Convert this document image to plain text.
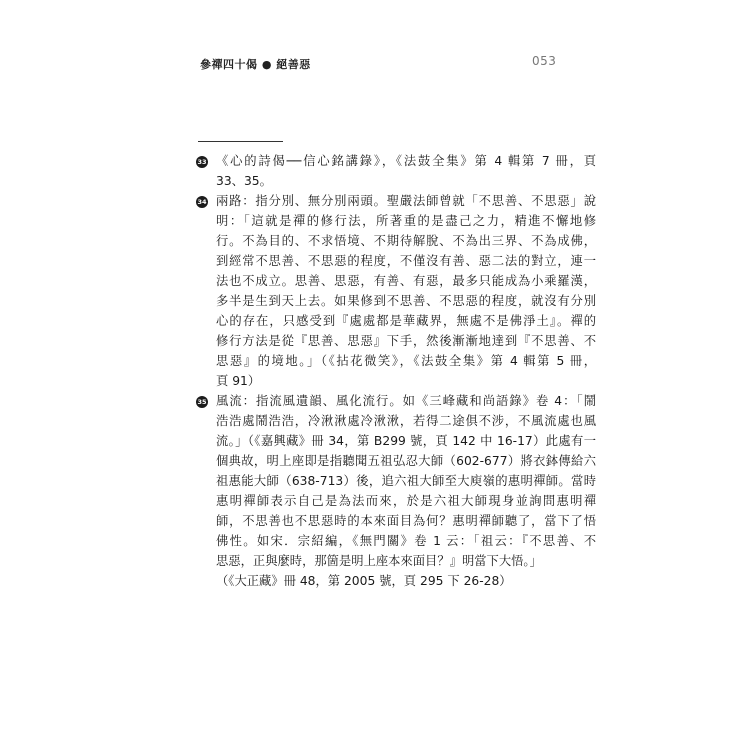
參禪四十偈 ● 絕善惡	053
33 《心的詩偈──信心銘講錄》，《法鼓全集》第 4 輯第 7 冊，頁
33、35。
34 兩路：指分別、無分別兩頭。聖嚴法師曾就「不思善、不思惡」說
明：「這就是禪的修行法，所著重的是盡己之力，精進不懈地修
行。不為目的、不求悟境、不期待解脫、不為出三界、不為成佛，
到經常不思善、不思惡的程度，不僅沒有善、惡二法的對立，連一
法也不成立。思善、思惡，有善、有惡，最多只能成為小乘羅漢，
多半是生到天上去。如果修到不思善、不思惡的程度，就沒有分別
心的存在，只感受到『處處都是華藏界，無處不是佛淨土』。禪的
修行方法是從『思善、思惡』下手，然後漸漸地達到『不思善、不
思惡』的境地。」（《拈花微笑》，《法鼓全集》第 4 輯第 5 冊，
頁 91）
35 風流：指流風遺韻、風化流行。如《三峰藏和尚語錄》卷 4：「鬧
浩浩處鬧浩浩，冷湫湫處冷湫湫，若得二途俱不涉，不風流處也風
流。」（《嘉興藏》冊 34，第 B299 號，頁 142 中 16-17）此處有一
個典故，明上座即是指聽聞五祖弘忍大師（602-677）將衣鉢傳給六
祖惠能大師（638-713）後，追六祖大師至大庾嶺的惠明禪師。當時
惠明禪師表示自己是為法而來，於是六祖大師現身並詢問惠明禪
師，不思善也不思惡時的本來面目為何？惠明禪師聽了，當下了悟
佛性。如宋．宗紹編，《無門關》卷 1 云：「祖云：『不思善、不
思惡，正與麼時，那箇是明上座本來面目？』明當下大悟。」
（《大正藏》冊 48，第 2005 號，頁 295 下 26-28）
